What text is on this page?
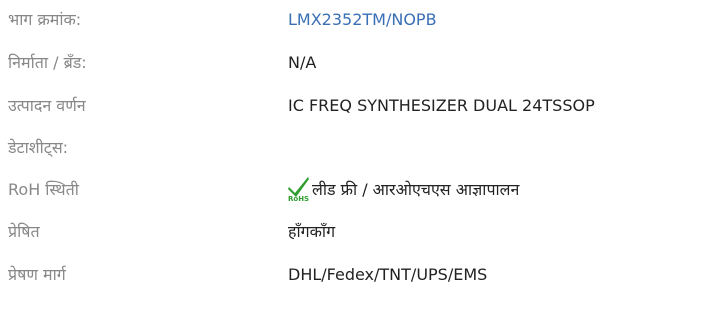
भाग क्रमांक:	LMX2352TM/NOPB
निर्माता / ब्रँड:	N/A
उत्पादन वर्णन	IC FREQ SYNTHESIZER DUAL 24TSSOP
डेटाशीट्स:
RoH स्थिती	RoHS लीड फ्री / आरओएचएस आज्ञापालन
प्रेषित	हाँगकाँग
प्रेषण मार्ग	DHL/Fedex/TNT/UPS/EMS
